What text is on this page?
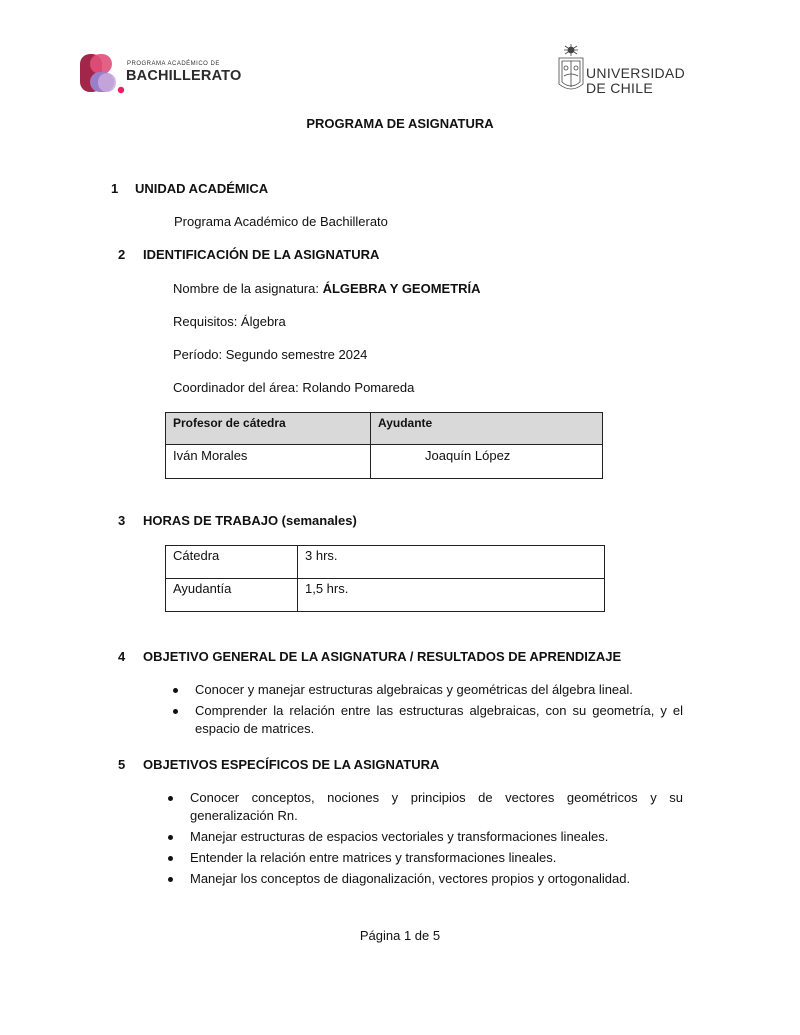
PROGRAMA ACADÉMICO DE
BACHILLERATO	UNIVERSIDAD
DE CHILE
PROGRAMA DE ASIGNATURA
1 UNIDAD ACADÉMICA
Programa Académico de Bachillerato
2 IDENTIFICACIÓN DE LA ASIGNATURA
Nombre de la asignatura: ÁLGEBRA Y GEOMETRÍA
Requisitos: Álgebra
Período: Segundo semestre 2024
Coordinador del área: Rolando Pomareda
Profesor de cátedra	Ayudante
Iván Morales	Joaquín López
3 HORAS DE TRABAJO (semanales)
Cátedra	3 hrs.
Ayudantía	1,5 hrs.
4 OBJETIVO GENERAL DE LA ASIGNATURA / RESULTADOS DE APRENDIZAJE
Conocer y manejar estructuras algebraicas y geométricas del álgebra lineal.
Comprender la relación entre las estructuras algebraicas, con su geometría, y el espacio de matrices.
5 OBJETIVOS ESPECÍFICOS DE LA ASIGNATURA
Conocer conceptos, nociones y principios de vectores geométricos y su generalización Rn.
Manejar estructuras de espacios vectoriales y transformaciones lineales.
Entender la relación entre matrices y transformaciones lineales.
Manejar los conceptos de diagonalización, vectores propios y ortogonalidad.
Página 1 de 5
